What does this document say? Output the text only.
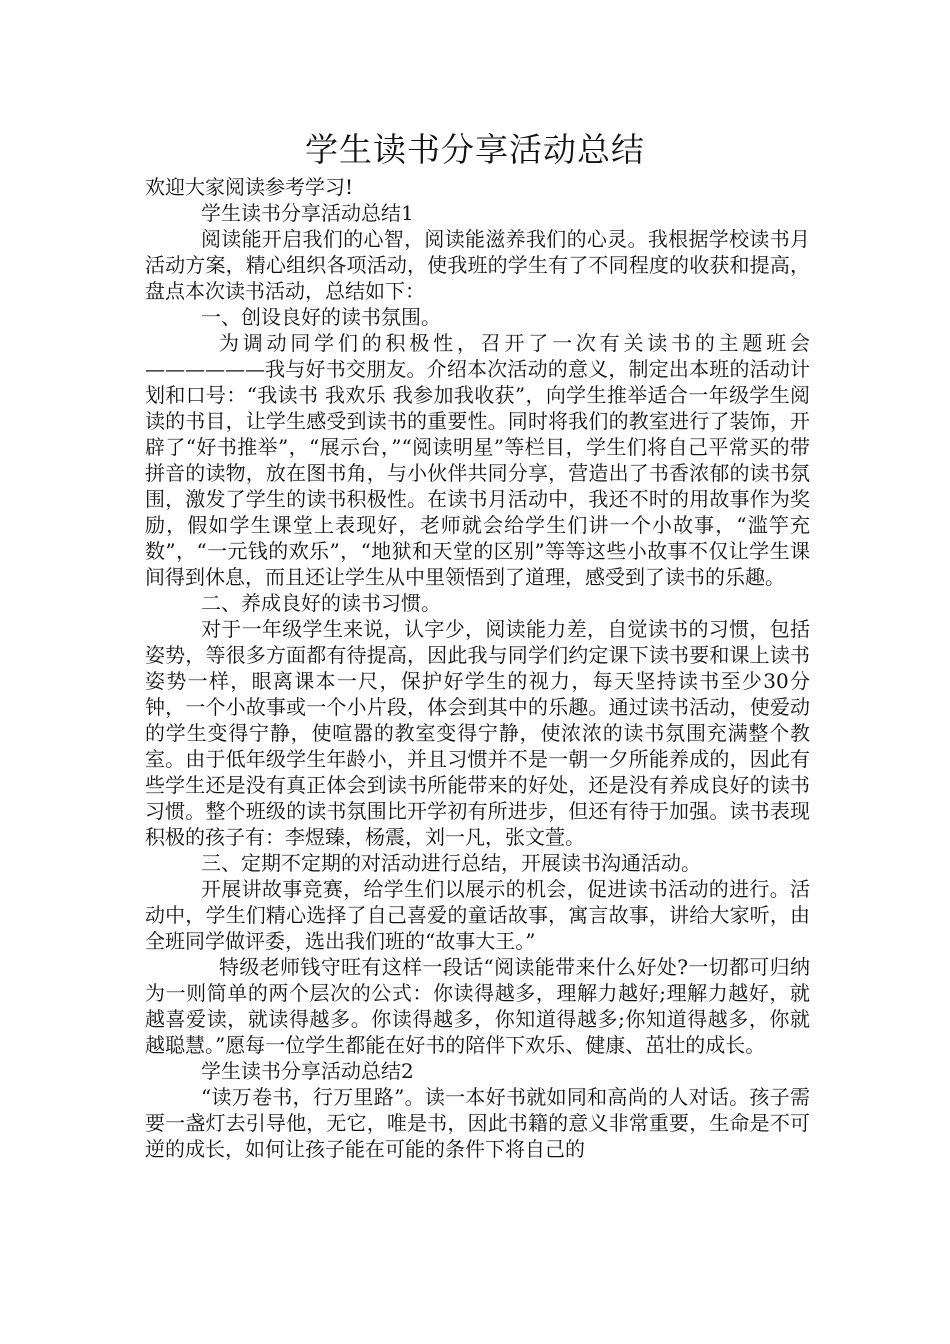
学生读书分享活动总结

欢迎大家阅读参考学习!

学生读书分享活动总结1

阅读能开启我们的心智，阅读能滋养我们的心灵。我根据学校读书月活动方案，精心组织各项活动，使我班的学生有了不同程度的收获和提高，盘点本次读书活动，总结如下：

一、创设良好的读书氛围。

为调动同学们的积极性，召开了一次有关读书的主题班会——————我与好书交朋友。介绍本次活动的意义，制定出本班的活动计划和口号：“我读书 我欢乐 我参加我收获”，向学生推举适合一年级学生阅读的书目，让学生感受到读书的重要性。同时将我们的教室进行了装饰，开辟了“好书推举”，“展示台，”“阅读明星”等栏目，学生们将自己平常买的带拼音的读物，放在图书角，与小伙伴共同分享，营造出了书香浓郁的读书氛围，激发了学生的读书积极性。在读书月活动中，我还不时的用故事作为奖励，假如学生课堂上表现好，老师就会给学生们讲一个小故事，“滥竽充数”，“一元钱的欢乐”，“地狱和天堂的区别”等等这些小故事不仅让学生课间得到休息，而且还让学生从中里领悟到了道理，感受到了读书的乐趣。

二、养成良好的读书习惯。

对于一年级学生来说，认字少，阅读能力差，自觉读书的习惯，包括姿势，等很多方面都有待提高，因此我与同学们约定课下读书要和课上读书姿势一样，眼离课本一尺，保护好学生的视力，每天坚持读书至少30分钟，一个小故事或一个小片段，体会到其中的乐趣。通过读书活动，使爱动的学生变得宁静，使喧嚣的教室变得宁静，使浓浓的读书氛围充满整个教室。由于低年级学生年龄小，并且习惯并不是一朝一夕所能养成的，因此有些学生还是没有真正体会到读书所能带来的好处，还是没有养成良好的读书习惯。整个班级的读书氛围比开学初有所进步，但还有待于加强。读书表现积极的孩子有：李煜臻，杨震，刘一凡，张文萱。

三、定期不定期的对活动进行总结，开展读书沟通活动。

开展讲故事竞赛，给学生们以展示的机会，促进读书活动的进行。活动中，学生们精心选择了自己喜爱的童话故事，寓言故事，讲给大家听，由全班同学做评委，选出我们班的“故事大王。”

特级老师钱守旺有这样一段话“阅读能带来什么好处?一切都可归纳为一则简单的两个层次的公式：你读得越多，理解力越好;理解力越好，就越喜爱读，就读得越多。你读得越多，你知道得越多;你知道得越多，你就越聪慧。”愿每一位学生都能在好书的陪伴下欢乐、健康、茁壮的成长。

学生读书分享活动总结2

“读万卷书，行万里路”。读一本好书就如同和高尚的人对话。孩子需要一盏灯去引导他，无它，唯是书，因此书籍的意义非常重要，生命是不可逆的成长，如何让孩子能在可能的条件下将自己的
